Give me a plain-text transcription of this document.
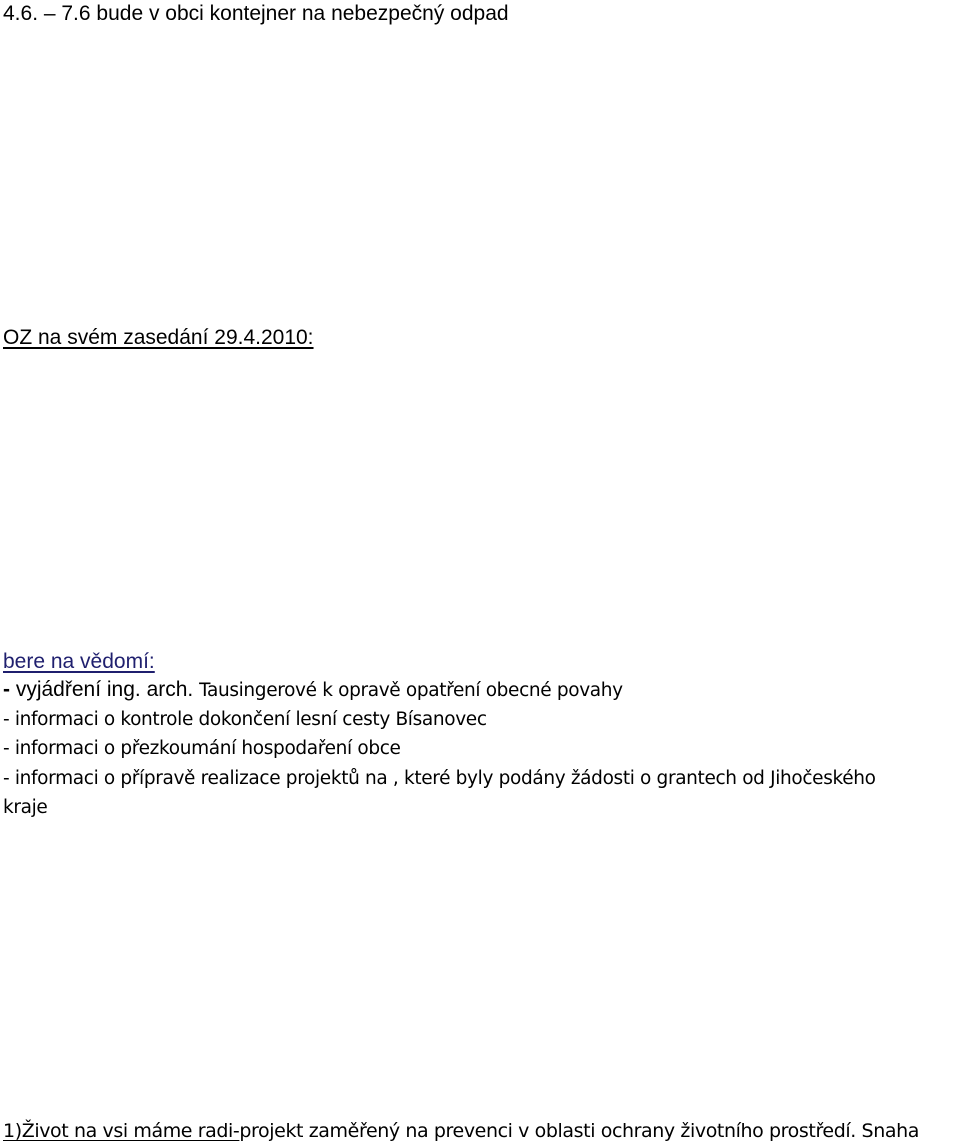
4.6. – 7.6 bude v obci kontejner na nebezpečný odpad
OZ na svém zasedání 29.4.2010:
bere na vědomí:
- vyjádření ing. arch. Tausingerové k opravě opatření obecné povahy
- informaci o kontrole dokončení lesní cesty Bísanovec
- informaci o přezkoumání hospodaření obce
- informaci o přípravě realizace projektů na , které byly podány žádosti o grantech od Jihočeského
kraje
1)Život na vsi máme radi-projekt zaměřený na prevenci v oblasti ochrany životního prostředí. Snaha
